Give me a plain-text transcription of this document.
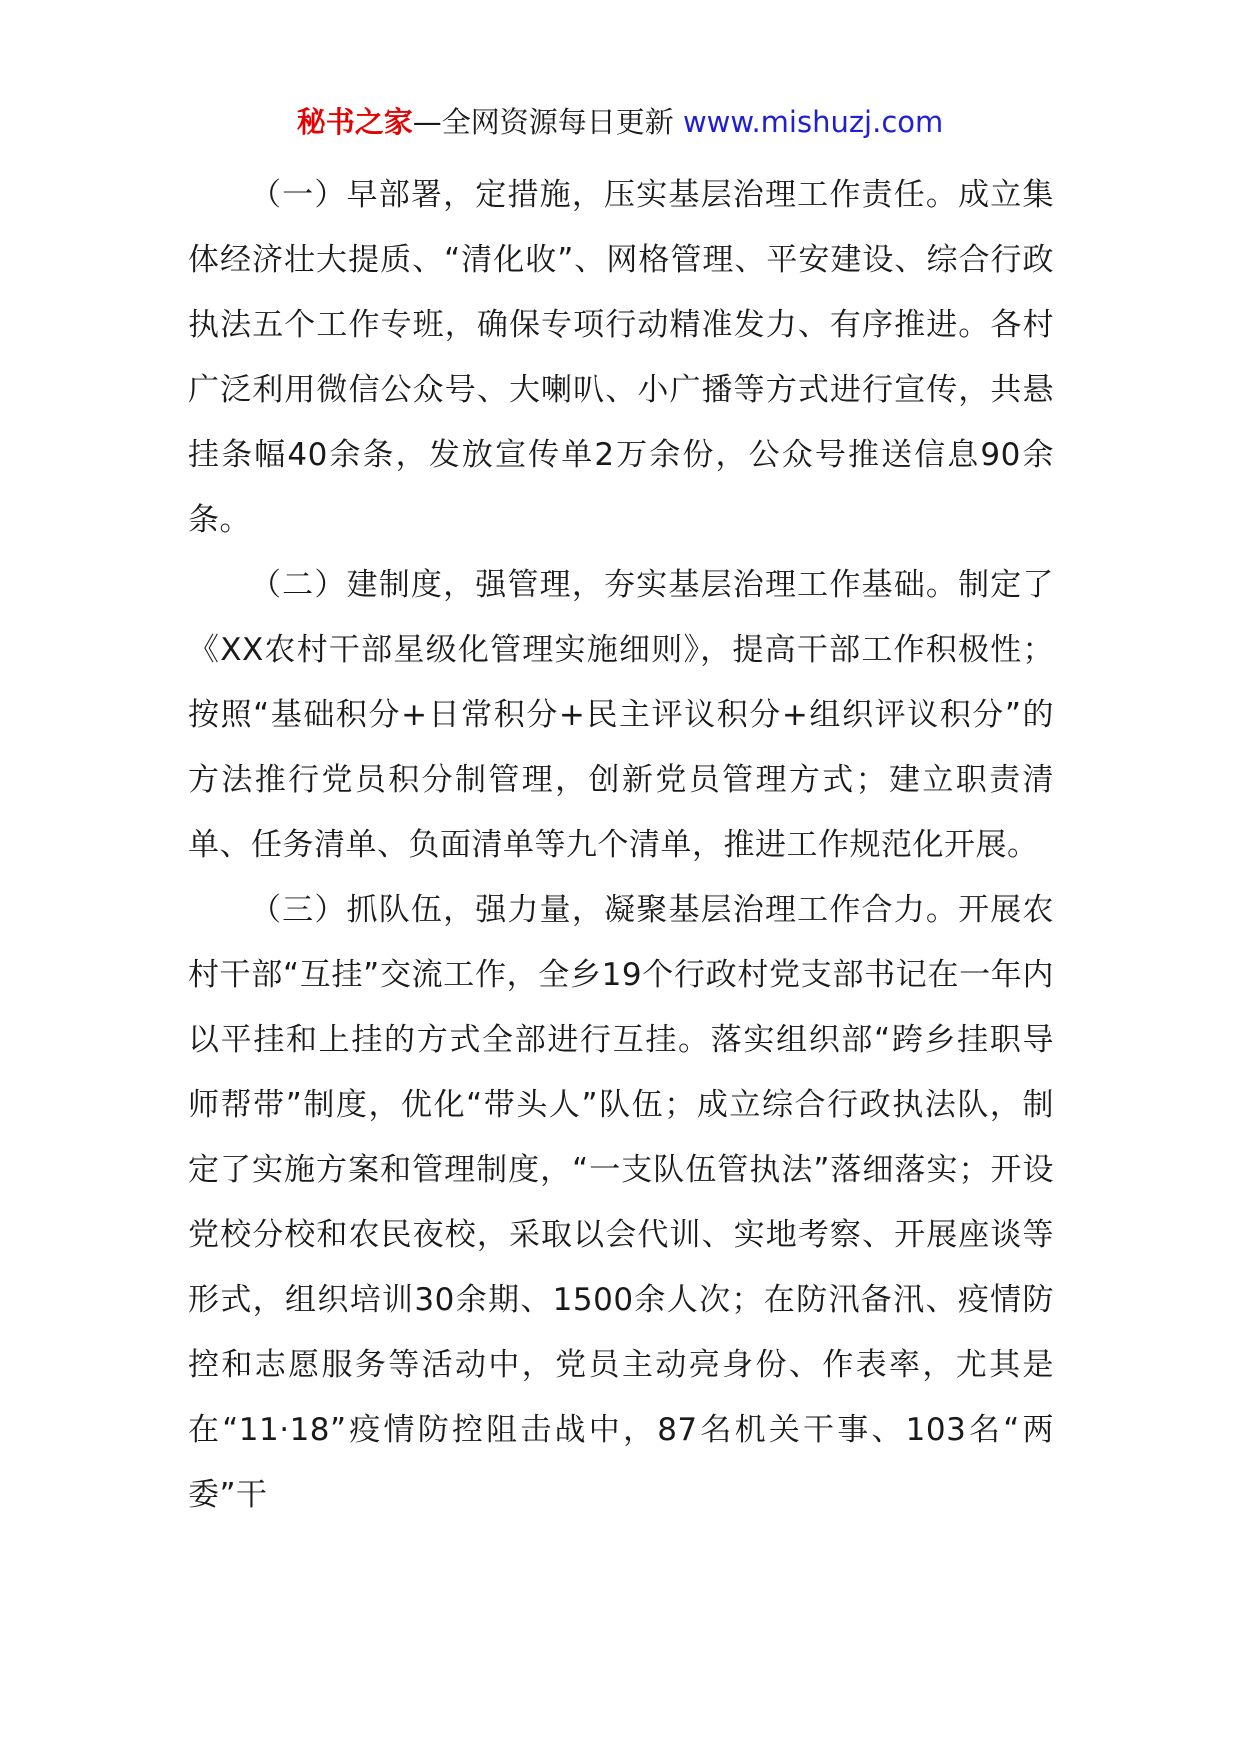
秘书之家—全网资源每日更新 www.mishuzj.com

（一）早部署，定措施，压实基层治理工作责任。成立集体经济壮大提质、“清化收”、网格管理、平安建设、综合行政执法五个工作专班，确保专项行动精准发力、有序推进。各村广泛利用微信公众号、大喇叭、小广播等方式进行宣传，共悬挂条幅40余条，发放宣传单2万余份，公众号推送信息90余条。

（二）建制度，强管理，夯实基层治理工作基础。制定了《XX农村干部星级化管理实施细则》，提高干部工作积极性；按照“基础积分+日常积分+民主评议积分+组织评议积分”的方法推行党员积分制管理，创新党员管理方式；建立职责清单、任务清单、负面清单等九个清单，推进工作规范化开展。

（三）抓队伍，强力量，凝聚基层治理工作合力。开展农村干部“互挂”交流工作，全乡19个行政村党支部书记在一年内以平挂和上挂的方式全部进行互挂。落实组织部“跨乡挂职导师帮带”制度，优化“带头人”队伍；成立综合行政执法队，制定了实施方案和管理制度，“一支队伍管执法”落细落实；开设党校分校和农民夜校，采取以会代训、实地考察、开展座谈等形式，组织培训30余期、1500余人次；在防汛备汛、疫情防控和志愿服务等活动中，党员主动亮身份、作表率，尤其是在“11·18”疫情防控阻击战中，87名机关干事、103名“两委”干
